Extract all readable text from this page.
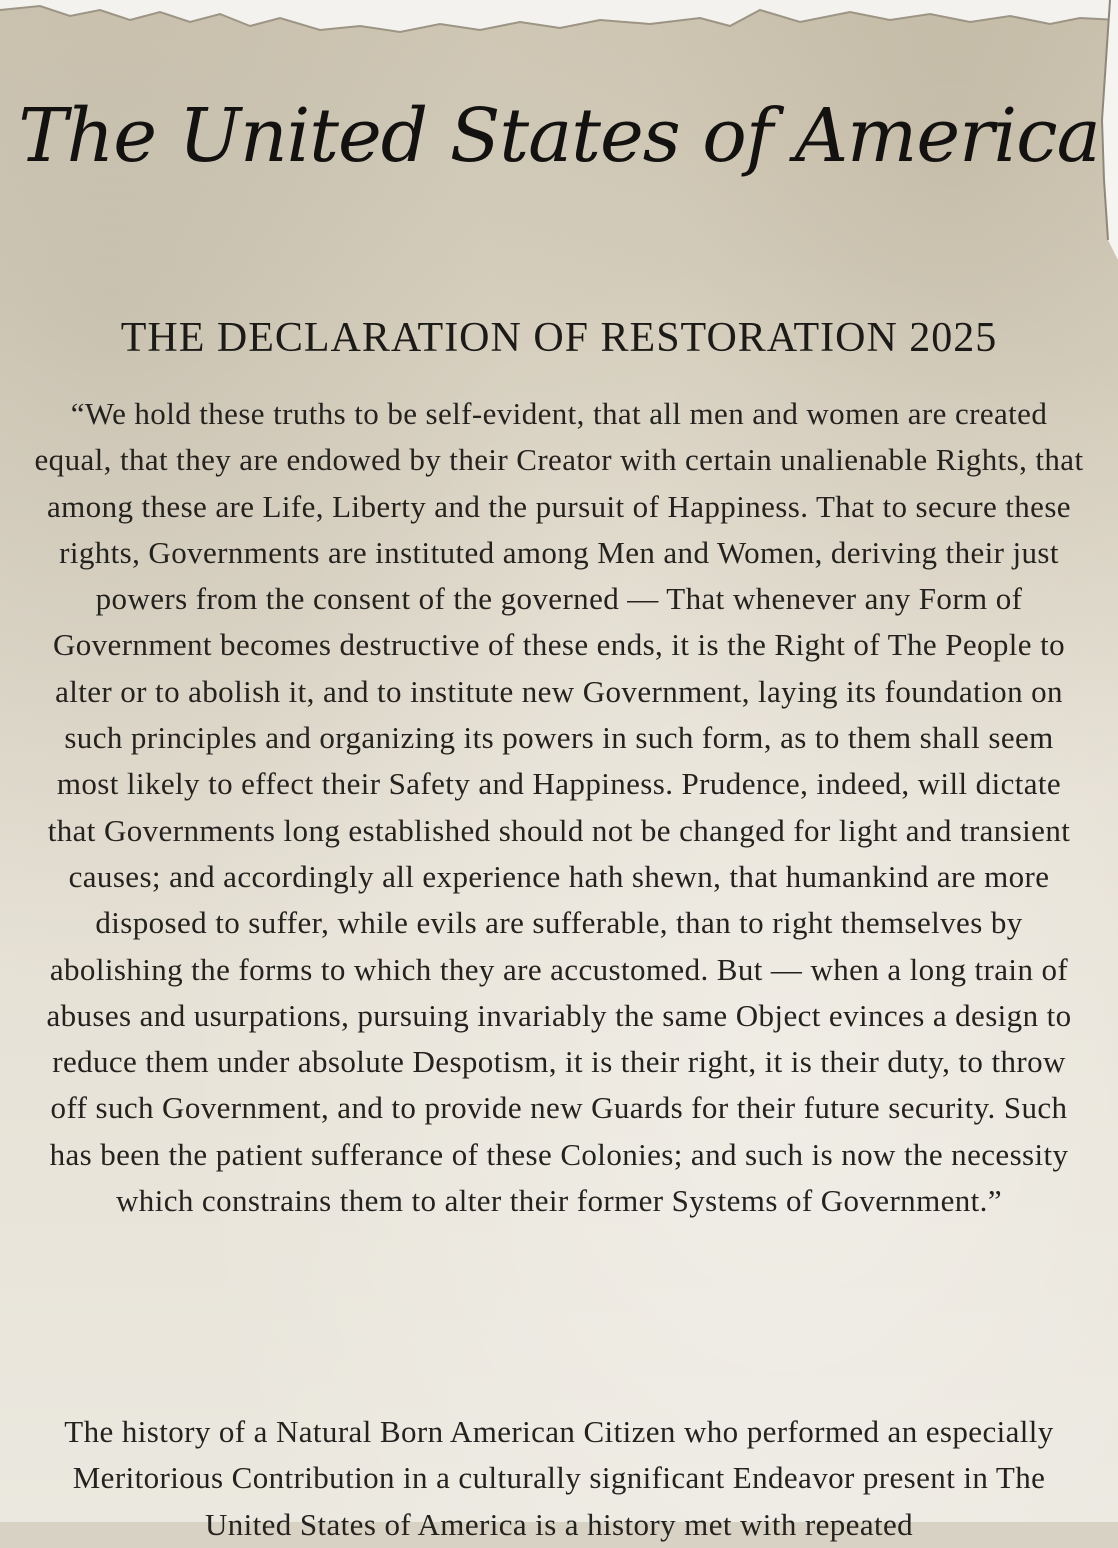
The United States of America
THE DECLARATION OF RESTORATION 2025

“We hold these truths to be self-evident, that all men and women are created equal, that they are endowed by their Creator with certain unalienable Rights, that among these are Life, Liberty and the pursuit of Happiness. That to secure these rights, Governments are instituted among Men and Women, deriving their just powers from the consent of the governed — That whenever any Form of Government becomes destructive of these ends, it is the Right of The People to alter or to abolish it, and to institute new Government, laying its foundation on such principles and organizing its powers in such form, as to them shall seem most likely to effect their Safety and Happiness. Prudence, indeed, will dictate that Governments long established should not be changed for light and transient causes; and accordingly all experience hath shewn, that humankind are more disposed to suffer, while evils are sufferable, than to right themselves by abolishing the forms to which they are accustomed. But — when a long train of abuses and usurpations, pursuing invariably the same Object evinces a design to reduce them under absolute Despotism, it is their right, it is their duty, to throw off such Government, and to provide new Guards for their future security. Such has been the patient sufferance of these Colonies; and such is now the necessity which constrains them to alter their former Systems of Government.”

The history of a Natural Born American Citizen who performed an especially Meritorious Contribution in a culturally significant Endeavor present in The United States of America is a history met with repeated
